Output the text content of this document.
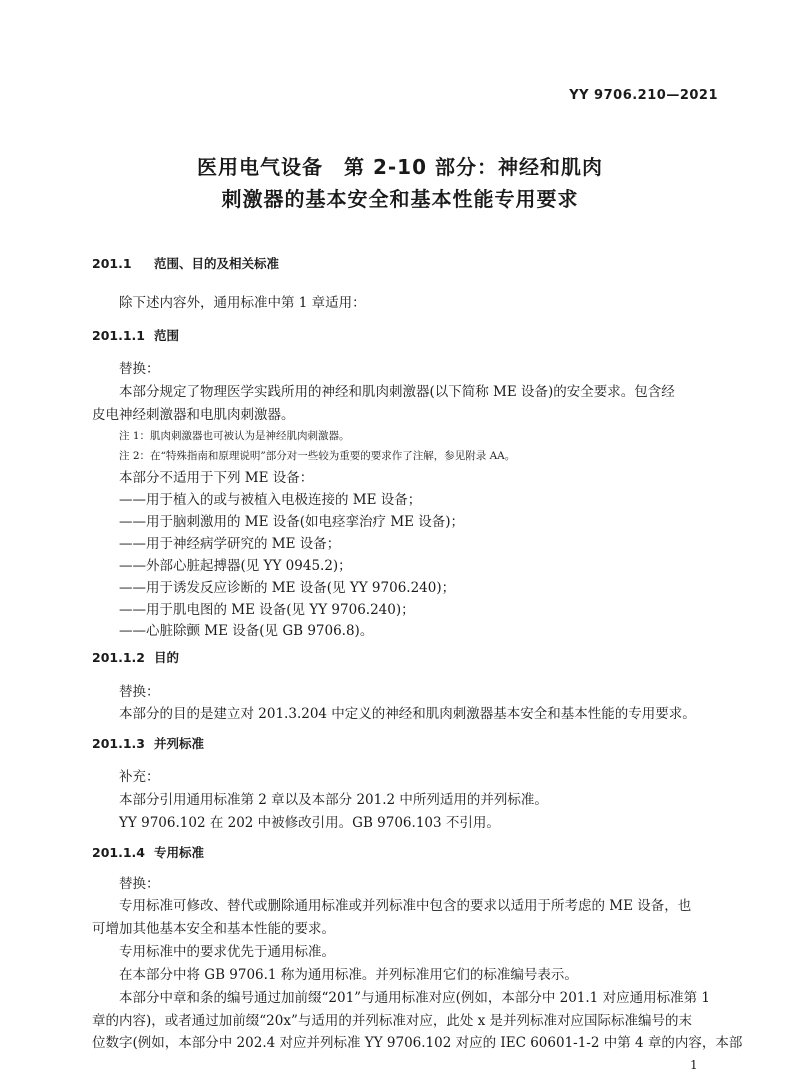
YY 9706.210—2021
医用电气设备　第 2-10 部分：神经和肌肉
刺激器的基本安全和基本性能专用要求
201.1 范围、目的及相关标准
除下述内容外，通用标准中第 1 章适用：
201.1.1 范围
替换：
本部分规定了物理医学实践所用的神经和肌肉刺激器(以下简称 ME 设备)的安全要求。包含经
皮电神经刺激器和电肌肉刺激器。
注 1：肌肉刺激器也可被认为是神经肌肉刺激器。
注 2：在“特殊指南和原理说明”部分对一些较为重要的要求作了注解，参见附录 AA。
本部分不适用于下列 ME 设备：
——用于植入的或与被植入电极连接的 ME 设备；
——用于脑刺激用的 ME 设备(如电痉挛治疗 ME 设备)；
——用于神经病学研究的 ME 设备；
——外部心脏起搏器(见 YY 0945.2)；
——用于诱发反应诊断的 ME 设备(见 YY 9706.240)；
——用于肌电图的 ME 设备(见 YY 9706.240)；
——心脏除颤 ME 设备(见 GB 9706.8)。
201.1.2 目的
替换：
本部分的目的是建立对 201.3.204 中定义的神经和肌肉刺激器基本安全和基本性能的专用要求。
201.1.3 并列标准
补充：
本部分引用通用标准第 2 章以及本部分 201.2 中所列适用的并列标准。
YY 9706.102 在 202 中被修改引用。GB 9706.103 不引用。
201.1.4 专用标准
替换：
专用标准可修改、替代或删除通用标准或并列标准中包含的要求以适用于所考虑的 ME 设备，也
可增加其他基本安全和基本性能的要求。
专用标准中的要求优先于通用标准。
在本部分中将 GB 9706.1 称为通用标准。并列标准用它们的标准编号表示。
本部分中章和条的编号通过加前缀“201”与通用标准对应(例如，本部分中 201.1 对应通用标准第 1
章的内容)，或者通过加前缀“20x”与适用的并列标准对应，此处 x 是并列标准对应国际标准编号的末
位数字(例如，本部分中 202.4 对应并列标准 YY 9706.102 对应的 IEC 60601-1-2 中第 4 章的内容，本部
1
